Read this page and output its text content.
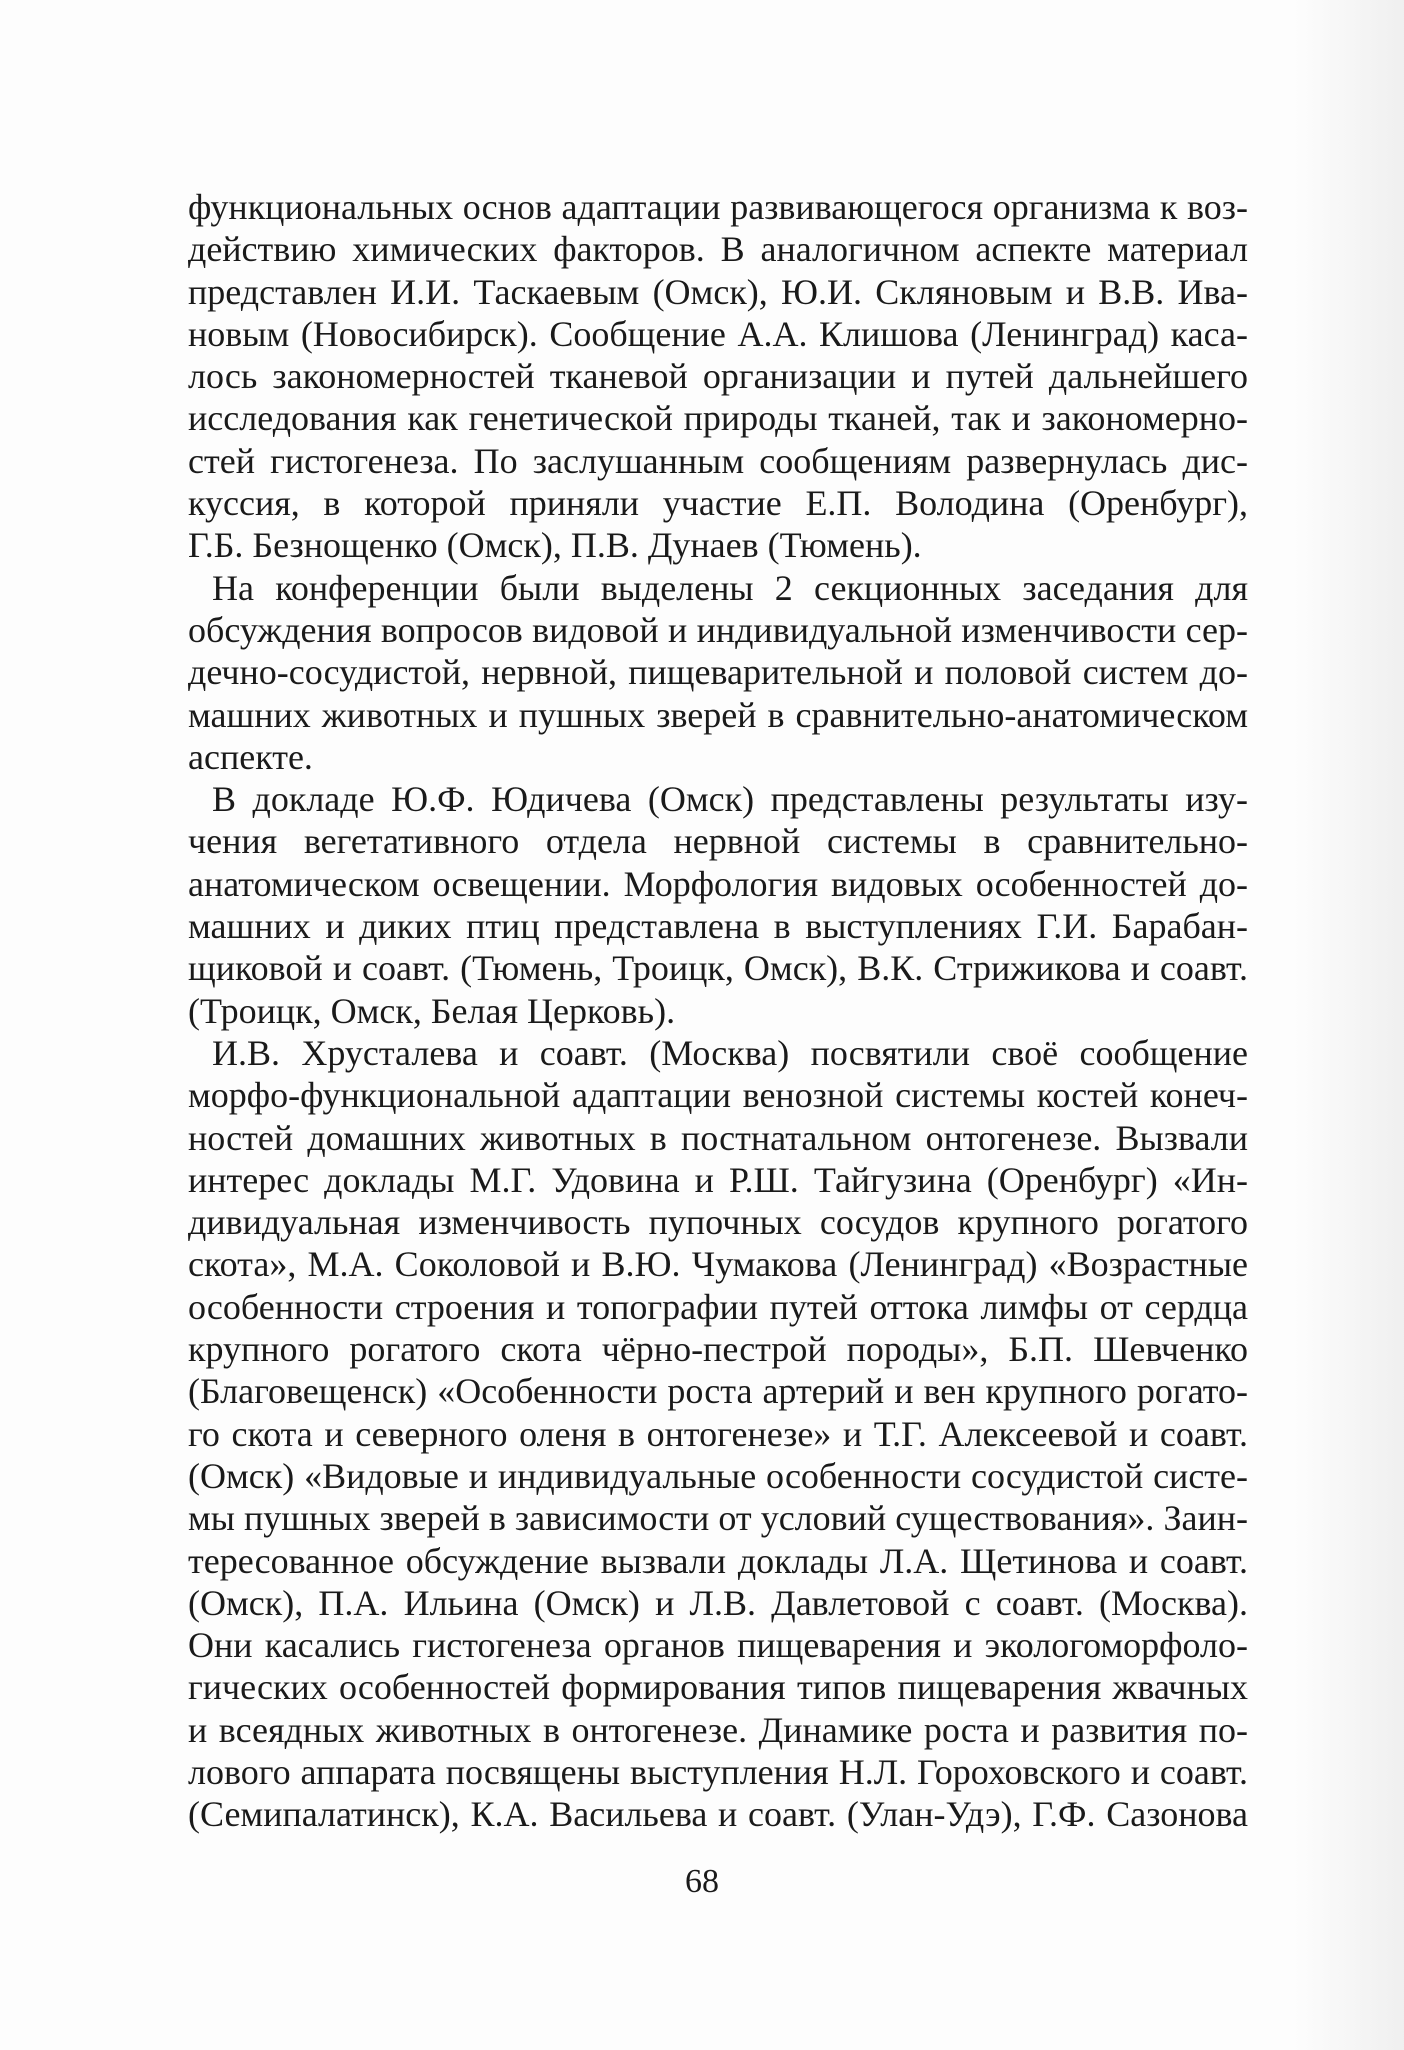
функциональных основ адаптации развивающегося организма к воз-
действию химических факторов. В аналогичном аспекте материал
представлен И.И. Таскаевым (Омск), Ю.И. Скляновым и В.В. Ива-
новым (Новосибирск). Сообщение А.А. Клишова (Ленинград) каса-
лось закономерностей тканевой организации и путей дальнейшего
исследования как генетической природы тканей, так и закономерно-
стей гистогенеза. По заслушанным сообщениям развернулась дис-
куссия, в которой приняли участие Е.П. Володина (Оренбург),
Г.Б. Безнощенко (Омск), П.В. Дунаев (Тюмень).
На конференции были выделены 2 секционных заседания для
обсуждения вопросов видовой и индивидуальной изменчивости сер-
дечно-сосудистой, нервной, пищеварительной и половой систем до-
машних животных и пушных зверей в сравнительно-анатомическом
аспекте.
В докладе Ю.Ф. Юдичева (Омск) представлены результаты изу-
чения вегетативного отдела нервной системы в сравнительно-
анатомическом освещении. Морфология видовых особенностей до-
машних и диких птиц представлена в выступлениях Г.И. Барабан-
щиковой и соавт. (Тюмень, Троицк, Омск), В.К. Стрижикова и соавт.
(Троицк, Омск, Белая Церковь).
И.В. Хрусталева и соавт. (Москва) посвятили своё сообщение
морфо-функциональной адаптации венозной системы костей конеч-
ностей домашних животных в постнатальном онтогенезе. Вызвали
интерес доклады М.Г. Удовина и Р.Ш. Тайгузина (Оренбург) «Ин-
дивидуальная изменчивость пупочных сосудов крупного рогатого
скота», М.А. Соколовой и В.Ю. Чумакова (Ленинград) «Возрастные
особенности строения и топографии путей оттока лимфы от сердца
крупного рогатого скота чёрно-пестрой породы», Б.П. Шевченко
(Благовещенск) «Особенности роста артерий и вен крупного рогато-
го скота и северного оленя в онтогенезе» и Т.Г. Алексеевой и соавт.
(Омск) «Видовые и индивидуальные особенности сосудистой систе-
мы пушных зверей в зависимости от условий существования». Заин-
тересованное обсуждение вызвали доклады Л.А. Щетинова и соавт.
(Омск), П.А. Ильина (Омск) и Л.В. Давлетовой с соавт. (Москва).
Они касались гистогенеза органов пищеварения и экологоморфоло-
гических особенностей формирования типов пищеварения жвачных
и всеядных животных в онтогенезе. Динамике роста и развития по-
лового аппарата посвящены выступления Н.Л. Гороховского и соавт.
(Семипалатинск), К.А. Васильева и соавт. (Улан-Удэ), Г.Ф. Сазонова
68
